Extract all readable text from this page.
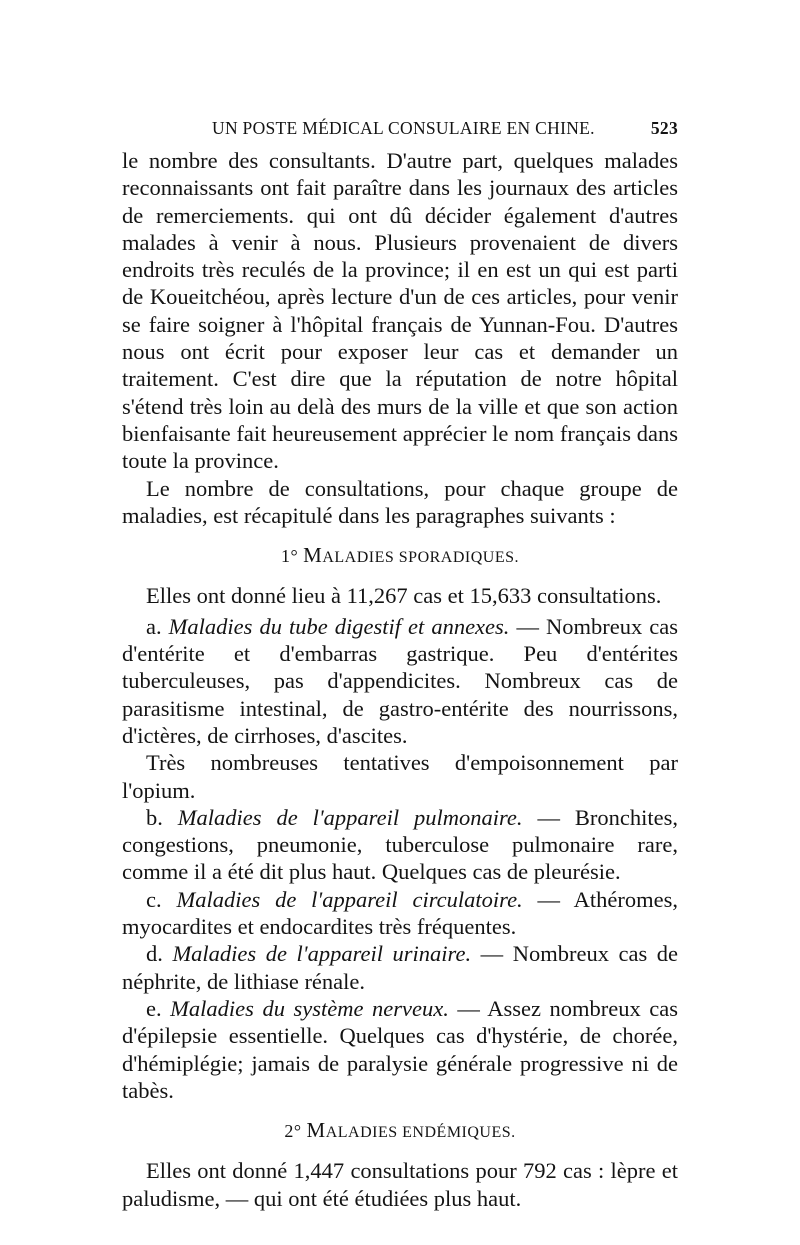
UN POSTE MÉDICAL CONSULAIRE EN CHINE.	523

le nombre des consultants. D'autre part, quelques malades reconnaissants ont fait paraître dans les journaux des articles de remerciements. qui ont dû décider également d'autres malades à venir à nous. Plusieurs provenaient de divers endroits très reculés de la province; il en est un qui est parti de Koueitchéou, après lecture d'un de ces articles, pour venir se faire soigner à l'hôpital français de Yunnan-Fou. D'autres nous ont écrit pour exposer leur cas et demander un traitement. C'est dire que la réputation de notre hôpital s'étend très loin au delà des murs de la ville et que son action bienfaisante fait heureusement apprécier le nom français dans toute la province.

Le nombre de consultations, pour chaque groupe de maladies, est récapitulé dans les paragraphes suivants :

1° MALADIES SPORADIQUES.

Elles ont donné lieu à 11,267 cas et 15,633 consultations.

a. Maladies du tube digestif et annexes. — Nombreux cas d'entérite et d'embarras gastrique. Peu d'entérites tuberculeuses, pas d'appendicites. Nombreux cas de parasitisme intestinal, de gastro-entérite des nourrissons, d'ictères, de cirrhoses, d'ascites.

Très nombreuses tentatives d'empoisonnement par l'opium.

b. Maladies de l'appareil pulmonaire. — Bronchites, congestions, pneumonie, tuberculose pulmonaire rare, comme il a été dit plus haut. Quelques cas de pleurésie.

c. Maladies de l'appareil circulatoire. — Athéromes, myocardites et endocardites très fréquentes.

d. Maladies de l'appareil urinaire. — Nombreux cas de néphrite, de lithiase rénale.

e. Maladies du système nerveux. — Assez nombreux cas d'épilepsie essentielle. Quelques cas d'hystérie, de chorée, d'hémiplégie; jamais de paralysie générale progressive ni de tabès.

2° MALADIES ENDÉMIQUES.

Elles ont donné 1,447 consultations pour 792 cas : lèpre et paludisme, — qui ont été étudiées plus haut.
